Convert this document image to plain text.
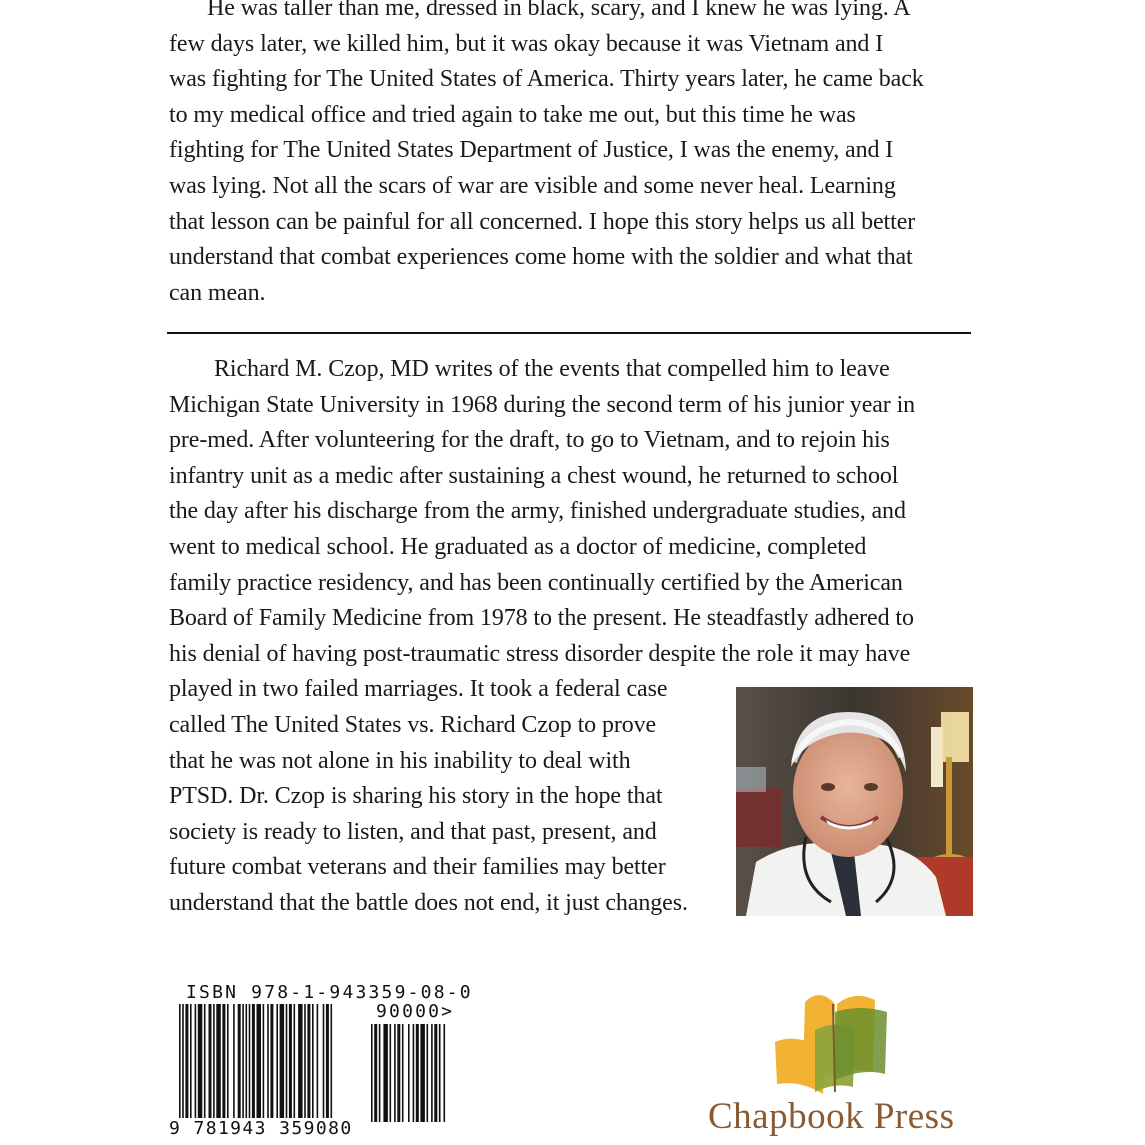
He was taller than me, dressed in black, scary, and I knew he was lying. A
few days later, we killed him, but it was okay because it was Vietnam and I
was fighting for The United States of America. Thirty years later, he came back
to my medical office and tried again to take me out, but this time he was
fighting for The United States Department of Justice, I was the enemy, and I
was lying. Not all the scars of war are visible and some never heal. Learning
that lesson can be painful for all concerned. I hope this story helps us all better
understand that combat experiences come home with the soldier and what that
can mean.
Richard M. Czop, MD writes of the events that compelled him to leave
Michigan State University in 1968 during the second term of his junior year in
pre-med. After volunteering for the draft, to go to Vietnam, and to rejoin his
infantry unit as a medic after sustaining a chest wound, he returned to school
the day after his discharge from the army, finished undergraduate studies, and
went to medical school. He graduated as a doctor of medicine, completed
family practice residency, and has been continually certified by the American
Board of Family Medicine from 1978 to the present. He steadfastly adhered to
his denial of having post-traumatic stress disorder despite the role it may have
played in two failed marriages. It took a federal case
called The United States vs. Richard Czop to prove
that he was not alone in his inability to deal with
PTSD. Dr. Czop is sharing his story in the hope that
society is ready to listen, and that past, present, and
future combat veterans and their families may better
understand that the battle does not end, it just changes.
ISBN 978-1-943359-08-0
90000>
9 781943 359080	Chapbook Press
